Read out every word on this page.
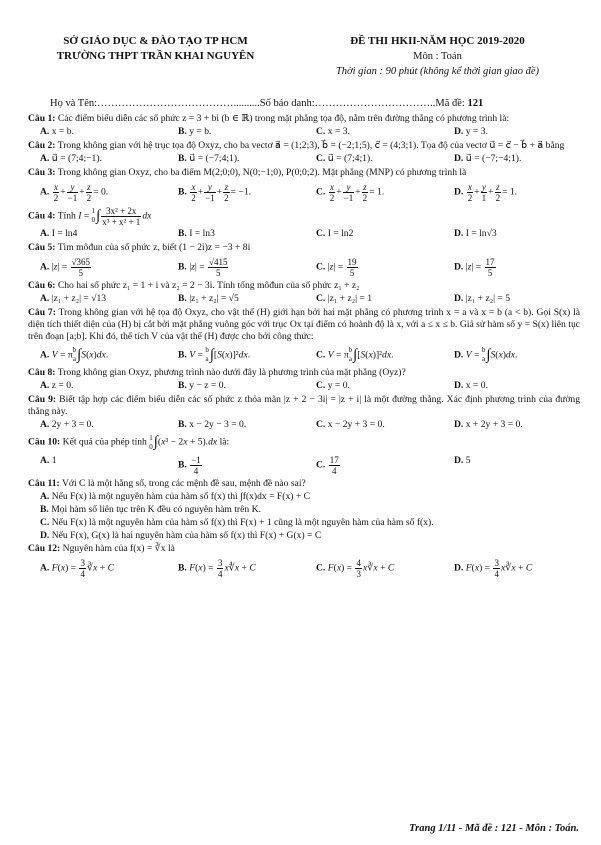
SỞ GIÁO DỤC & ĐÀO TẠO TP HCM
TRƯỜNG THPT TRẦN KHAI NGUYÊN
ĐỀ THI HKII-NĂM HỌC 2019-2020
Môn : Toán
Thời gian : 90 phút (không kể thời gian giao đề)
Họ và Tên:…………………………………..........Số báo danh:……………………………..Mã đề: 121
Câu 1: Các điểm biểu diễn các số phức z = 3 + bi (b ∈ ℝ) trong mặt phẳng tọa độ, nằm trên đường thẳng có phương trình là:
A. x = b.	B. y = b.	C. x = 3.	D. y = 3.
Câu 2: Trong không gian với hệ trục tọa độ Oxyz, cho ba vectơ a⃗ = (1;2;3), b⃗ = (−2;1;5), c⃗ = (4;3;1). Tọa độ của vectơ u⃗ = c⃗ − b⃗ + a⃗ bằng
A. u⃗ = (7;4;−1).	B. u⃗ = (−7;4;1).	C. u⃗ = (7;4;1).	D. u⃗ = (−7;−4;1).
Câu 3: Trong không gian Oxyz, cho ba điểm M(2;0;0), N(0;−1;0), P(0;0;2). Mặt phẳng (MNP) có phương trình là
A. $\frac{x}{2} + \frac{y}{-1} + \frac{z}{2} = 0$.	B. $\frac{x}{2} + \frac{y}{-1} + \frac{z}{2} = -1$.	C. $\frac{x}{2} + \frac{y}{-1} + \frac{z}{2} = 1$.	D. $\frac{x}{2} + \frac{y}{1} + \frac{z}{2} = 1$.
Câu 4: Tính I = 1
$0\int \frac{\text{3x² + 2x}}{\text{x³ + x² + 1}}$ dx
A. I = ln4	B. I = ln3	C. I = ln2	D. I = ln√3
Câu 5: Tìm môđun của số phức z, biết (1 − 2i)z = −3 + 8i
A. $|z| = \frac{√365}{5}$	B. $|z| = \frac{√415}{5}$	C. $|z| = \frac{19}{5}$	D. $|z| = \frac{17}{5}$
Câu 6: Cho hai số phức z₁ = 1 + i và z₂ = 2 − 3i. Tính tổng môđun của số phức z₁ + z₂
A. |z₁ + z₂| = √13	B. |z₁ + z₂| = √5	C. |z₁ + z₂| = 1	D. |z₁ + z₂| = 5
Câu 7: Trong không gian với hệ tọa độ Oxyz, cho vật thể (H) giới hạn bởi hai mặt phẳng có phương trình x = a và x = b (a < b). Gọi S(x) là diện tích thiết diện của (H) bị cắt bởi mặt phẳng vuông góc với trục Ox tại điểm có hoành độ là x, với a ≤ x ≤ b. Giả sử hàm số y = S(x) liên tục trên đoạn [a;b]. Khi đó, thể tích V của vật thể (H) được cho bởi công thức:
A. V = πb
a∫S(x)dx.	B. V = b
a∫[S(x)]²dx.	C. V = πb
a∫[S(x)]²dx.	D. V = b
a∫S(x)dx.
Câu 8: Trong không gian Oxyz, phương trình nào dưới đây là phương trình của mặt phẳng (Oyz)?
A. z = 0.	B. y − z = 0.	C. y = 0.	D. x = 0.
Câu 9: Biết tập hợp các điểm biểu diễn các số phức z thỏa mãn |z + 2 − 3i| = |z + i| là một đường thẳng. Xác định phương trình của đường thẳng này.
A. 2y + 3 = 0.	B. x − 2y − 3 = 0.	C. x − 2y + 3 = 0.	D. x + 2y + 3 = 0.
Câu 10: Kết quả của phép tính 1
0∫(x³ − 2x + 5).dx là:
A. 1	B. $\frac{-1}{4}$	C. $\frac{17}{4}$	D. 5
Câu 11: Với C là một hằng số, trong các mệnh đề sau, mệnh đề nào sai?
A. Nếu F(x) là một nguyên hàm của hàm số f(x) thì ∫f(x)dx = F(x) + C
B. Mọi hàm số liên tục trên K đều có nguyên hàm trên K.
C. Nếu F(x) là một nguyên hàm của hàm số f(x) thì F(x) + 1 cũng là một nguyên hàm của hàm số f(x).
D. Nếu F(x), G(x) là hai nguyên hàm của hàm số f(x) thì F(x) + G(x) = C
Câu 12: Nguyên hàm của f(x) = ∛x là
A. $F(x) = \frac{3}{4}$ ∛x + C	B. $F(x) = \frac{3}{4}$ x∜x + C	C. $F(x) = \frac{4}{3}$ x∛x + C	D. $F(x) = \frac{3}{4}$ x∛x + C
Trang 1/11 - Mã đề : 121 - Môn : Toán.
